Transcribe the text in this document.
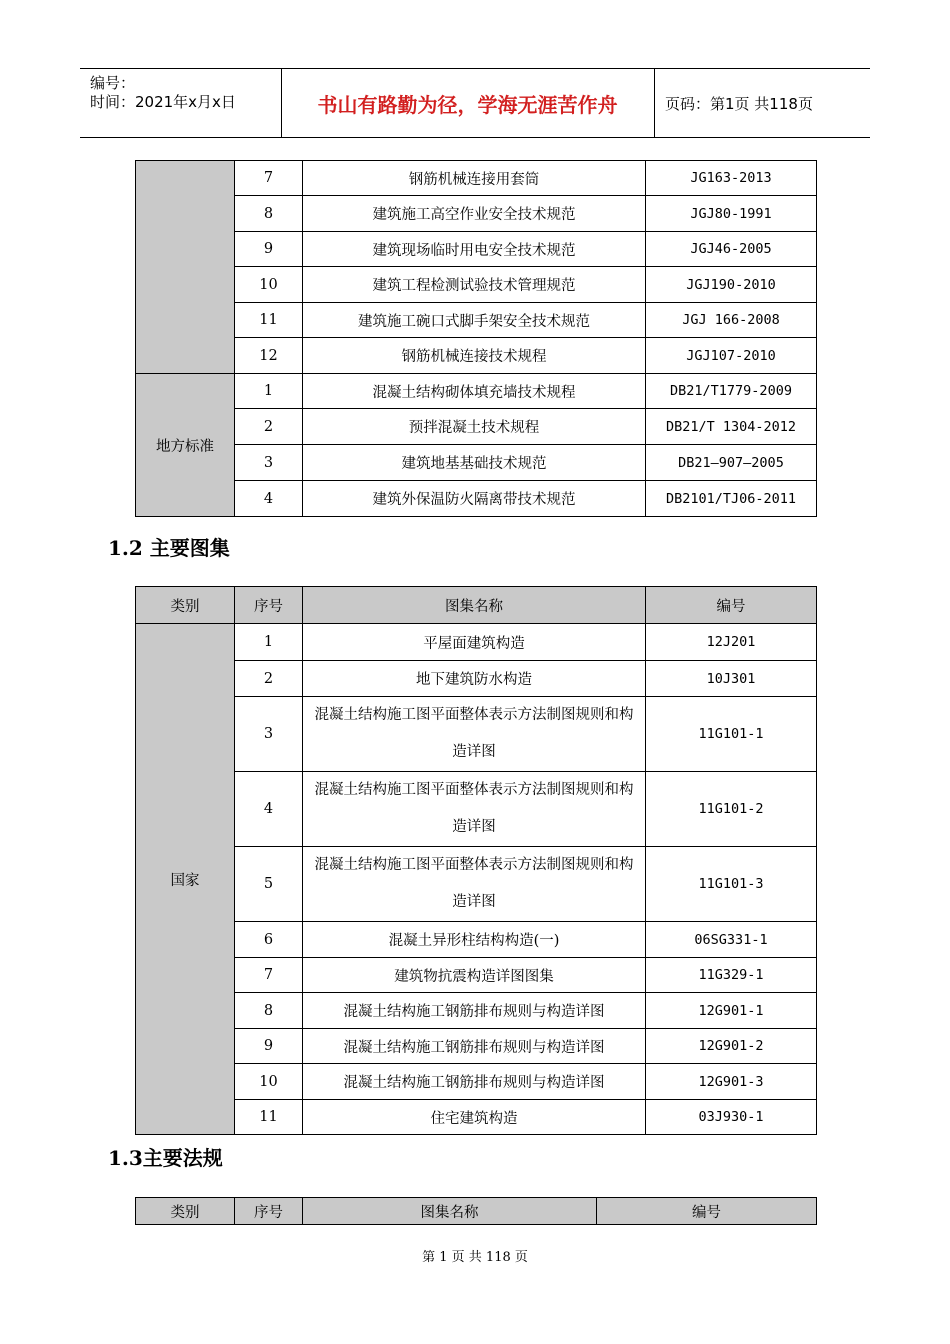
编号：
时间：2021年x月x日	书山有路勤为径，学海无涯苦作舟	页码：第1页 共118页
	7	钢筋机械连接用套筒	JG163-2013
	8	建筑施工高空作业安全技术规范	JGJ80-1991
	9	建筑现场临时用电安全技术规范	JGJ46-2005
	10	建筑工程检测试验技术管理规范	JGJ190-2010
	11	建筑施工碗口式脚手架安全技术规范	JGJ 166-2008
	12	钢筋机械连接技术规程	JGJ107-2010
地方标准	1	混凝土结构砌体填充墙技术规程	DB21/T1779-2009
	2	预拌混凝土技术规程	DB21/T 1304-2012
	3	建筑地基基础技术规范	DB21—907—2005
	4	建筑外保温防火隔离带技术规范	DB2101/TJ06-2011
1.2 主要图集
类别	序号	图集名称	编号
国家	1	平屋面建筑构造	12J201
	2	地下建筑防水构造	10J301
	3	混凝土结构施工图平面整体表示方法制图规则和构造详图	11G101-1
	4	混凝土结构施工图平面整体表示方法制图规则和构造详图	11G101-2
	5	混凝土结构施工图平面整体表示方法制图规则和构造详图	11G101-3
	6	混凝土异形柱结构构造(一)	06SG331-1
	7	建筑物抗震构造详图图集	11G329-1
	8	混凝土结构施工钢筋排布规则与构造详图	12G901-1
	9	混凝土结构施工钢筋排布规则与构造详图	12G901-2
	10	混凝土结构施工钢筋排布规则与构造详图	12G901-3
	11	住宅建筑构造	03J930-1
1.3主要法规
类别	序号	图集名称	编号
第 1 页 共 118 页
